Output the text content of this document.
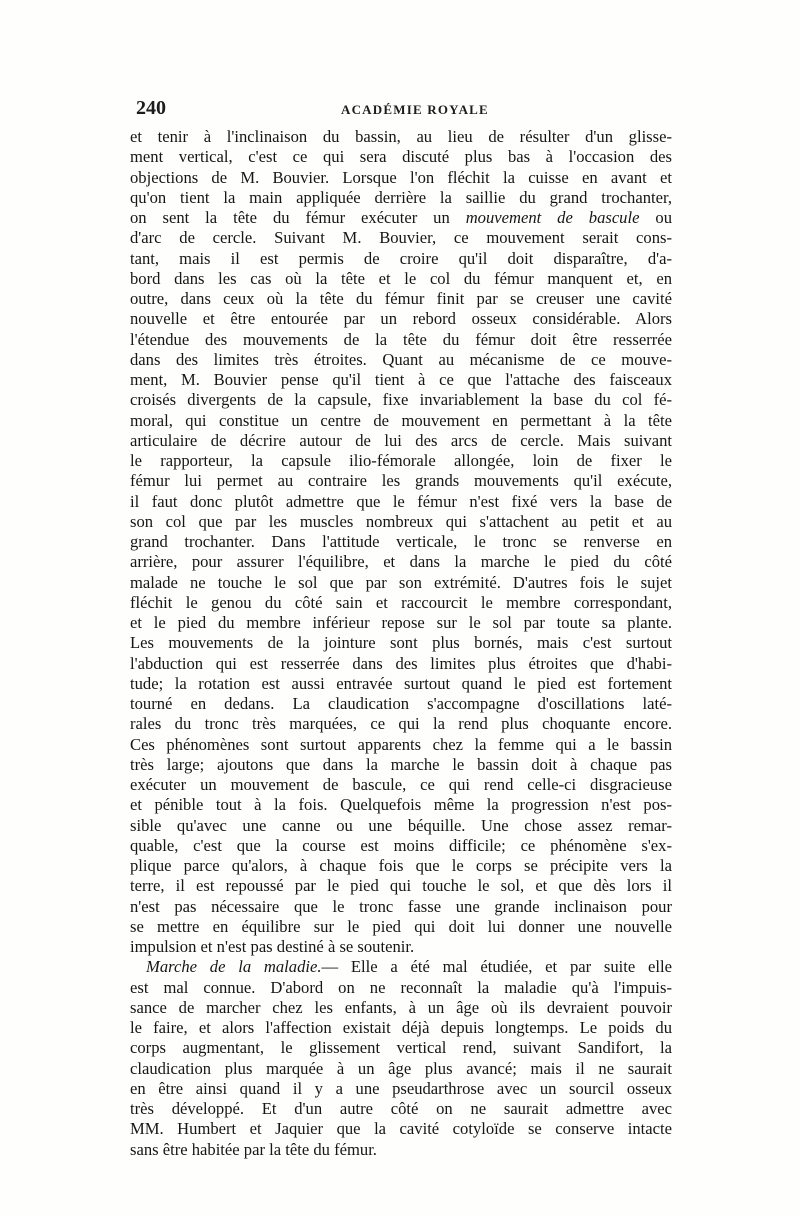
240	ACADÉMIE ROYALE
et tenir à l'inclinaison du bassin, au lieu de résulter d'un glisse-
ment vertical, c'est ce qui sera discuté plus bas à l'occasion des
objections de M. Bouvier. Lorsque l'on fléchit la cuisse en avant et
qu'on tient la main appliquée derrière la saillie du grand trochanter,
on sent la tête du fémur exécuter un mouvement de bascule ou
d'arc de cercle. Suivant M. Bouvier, ce mouvement serait cons-
tant, mais il est permis de croire qu'il doit disparaître, d'a-
bord dans les cas où la tête et le col du fémur manquent et, en
outre, dans ceux où la tête du fémur finit par se creuser une cavité
nouvelle et être entourée par un rebord osseux considérable. Alors
l'étendue des mouvements de la tête du fémur doit être resserrée
dans des limites très étroites. Quant au mécanisme de ce mouve-
ment, M. Bouvier pense qu'il tient à ce que l'attache des faisceaux
croisés divergents de la capsule, fixe invariablement la base du col fé-
moral, qui constitue un centre de mouvement en permettant à la tête
articulaire de décrire autour de lui des arcs de cercle. Mais suivant
le rapporteur, la capsule ilio-fémorale allongée, loin de fixer le
fémur lui permet au contraire les grands mouvements qu'il exécute,
il faut donc plutôt admettre que le fémur n'est fixé vers la base de
son col que par les muscles nombreux qui s'attachent au petit et au
grand trochanter. Dans l'attitude verticale, le tronc se renverse en
arrière, pour assurer l'équilibre, et dans la marche le pied du côté
malade ne touche le sol que par son extrémité. D'autres fois le sujet
fléchit le genou du côté sain et raccourcit le membre correspondant,
et le pied du membre inférieur repose sur le sol par toute sa plante.
Les mouvements de la jointure sont plus bornés, mais c'est surtout
l'abduction qui est resserrée dans des limites plus étroites que d'habi-
tude; la rotation est aussi entravée surtout quand le pied est fortement
tourné en dedans. La claudication s'accompagne d'oscillations laté-
rales du tronc très marquées, ce qui la rend plus choquante encore.
Ces phénomènes sont surtout apparents chez la femme qui a le bassin
très large; ajoutons que dans la marche le bassin doit à chaque pas
exécuter un mouvement de bascule, ce qui rend celle-ci disgracieuse
et pénible tout à la fois. Quelquefois même la progression n'est pos-
sible qu'avec une canne ou une béquille. Une chose assez remar-
quable, c'est que la course est moins difficile; ce phénomène s'ex-
plique parce qu'alors, à chaque fois que le corps se précipite vers la
terre, il est repoussé par le pied qui touche le sol, et que dès lors il
n'est pas nécessaire que le tronc fasse une grande inclinaison pour
se mettre en équilibre sur le pied qui doit lui donner une nouvelle
impulsion et n'est pas destiné à se soutenir.
Marche de la maladie.— Elle a été mal étudiée, et par suite elle
est mal connue. D'abord on ne reconnaît la maladie qu'à l'impuis-
sance de marcher chez les enfants, à un âge où ils devraient pouvoir
le faire, et alors l'affection existait déjà depuis longtemps. Le poids du
corps augmentant, le glissement vertical rend, suivant Sandifort, la
claudication plus marquée à un âge plus avancé; mais il ne saurait
en être ainsi quand il y a une pseudarthrose avec un sourcil osseux
très développé. Et d'un autre côté on ne saurait admettre avec
MM. Humbert et Jaquier que la cavité cotyloïde se conserve intacte
sans être habitée par la tête du fémur.
